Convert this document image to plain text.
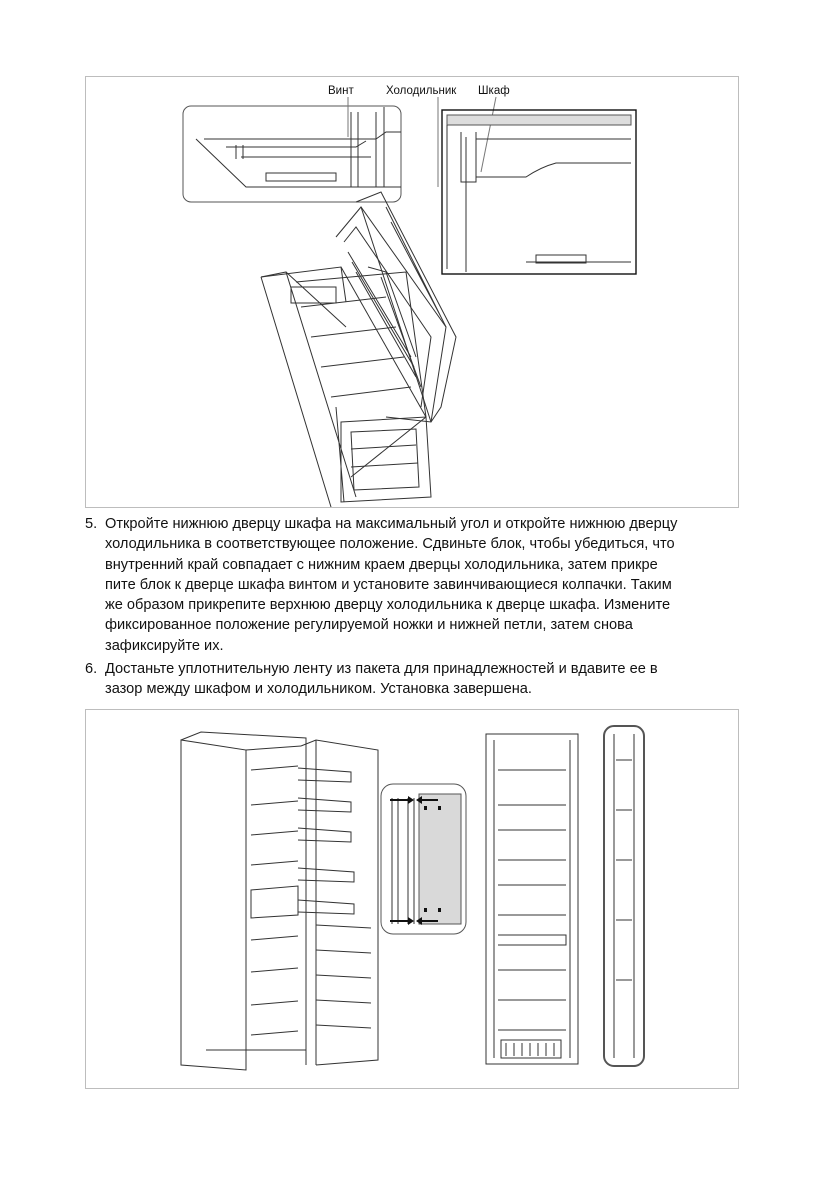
Винт	Холодильник Шкаф
5. Откройте нижнюю дверцу шкафа на максимальный угол и откройте нижнюю дверцу
холодильника в соответствующее положение. Сдвиньте блок, чтобы убедиться, что
внутренний край совпадает с нижним краем дверцы холодильника, затем прикре
пите блок к дверце шкафа винтом и установите завинчивающиеся колпачки. Таким
же образом прикрепите верхнюю дверцу холодильника к дверце шкафа. Измените
фиксированное положение регулируемой ножки и нижней петли, затем снова
зафиксируйте их.
6. Достаньте уплотнительную ленту из пакета для принадлежностей и вдавите ее в
зазор между шкафом и холодильником. Установка завершена.
